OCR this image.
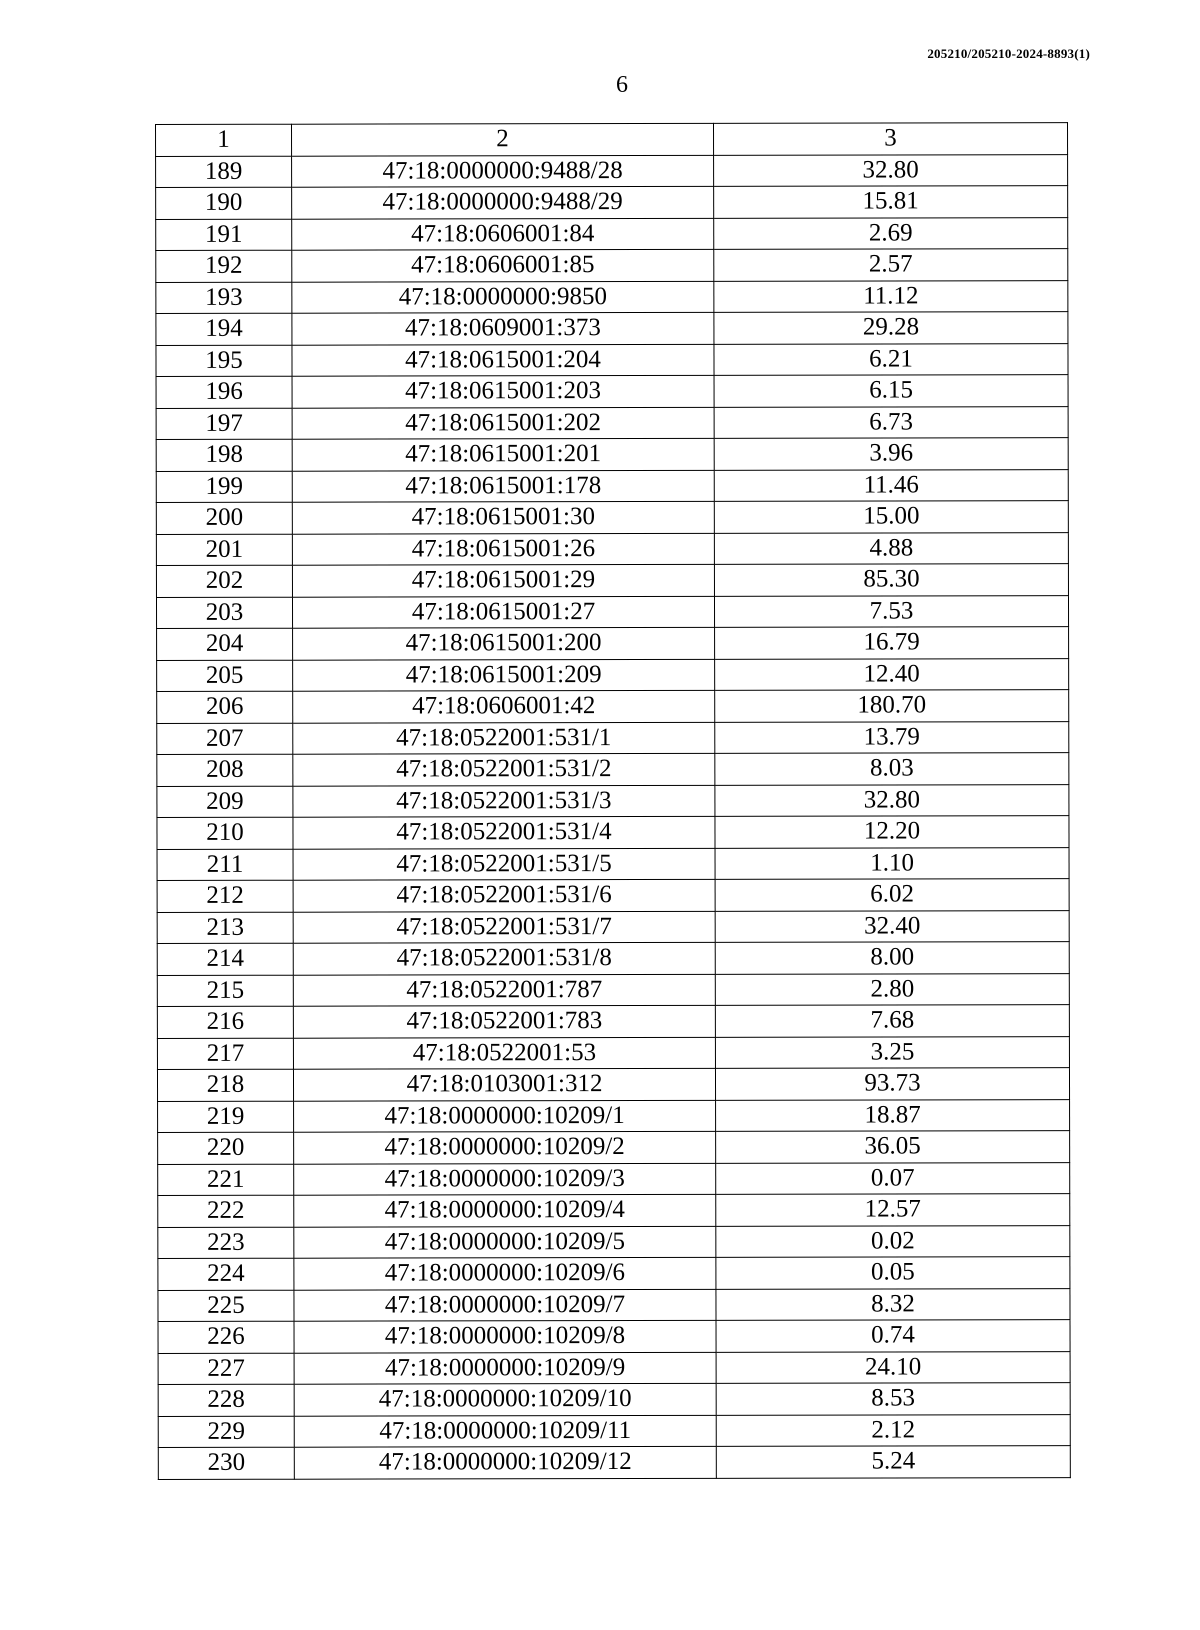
205210/205210-2024-8893(1)
6
1	2	3
189	47:18:0000000:9488/28	32.80
190	47:18:0000000:9488/29	15.81
191	47:18:0606001:84	2.69
192	47:18:0606001:85	2.57
193	47:18:0000000:9850	11.12
194	47:18:0609001:373	29.28
195	47:18:0615001:204	6.21
196	47:18:0615001:203	6.15
197	47:18:0615001:202	6.73
198	47:18:0615001:201	3.96
199	47:18:0615001:178	11.46
200	47:18:0615001:30	15.00
201	47:18:0615001:26	4.88
202	47:18:0615001:29	85.30
203	47:18:0615001:27	7.53
204	47:18:0615001:200	16.79
205	47:18:0615001:209	12.40
206	47:18:0606001:42	180.70
207	47:18:0522001:531/1	13.79
208	47:18:0522001:531/2	8.03
209	47:18:0522001:531/3	32.80
210	47:18:0522001:531/4	12.20
211	47:18:0522001:531/5	1.10
212	47:18:0522001:531/6	6.02
213	47:18:0522001:531/7	32.40
214	47:18:0522001:531/8	8.00
215	47:18:0522001:787	2.80
216	47:18:0522001:783	7.68
217	47:18:0522001:53	3.25
218	47:18:0103001:312	93.73
219	47:18:0000000:10209/1	18.87
220	47:18:0000000:10209/2	36.05
221	47:18:0000000:10209/3	0.07
222	47:18:0000000:10209/4	12.57
223	47:18:0000000:10209/5	0.02
224	47:18:0000000:10209/6	0.05
225	47:18:0000000:10209/7	8.32
226	47:18:0000000:10209/8	0.74
227	47:18:0000000:10209/9	24.10
228	47:18:0000000:10209/10	8.53
229	47:18:0000000:10209/11	2.12
230	47:18:0000000:10209/12	5.24
